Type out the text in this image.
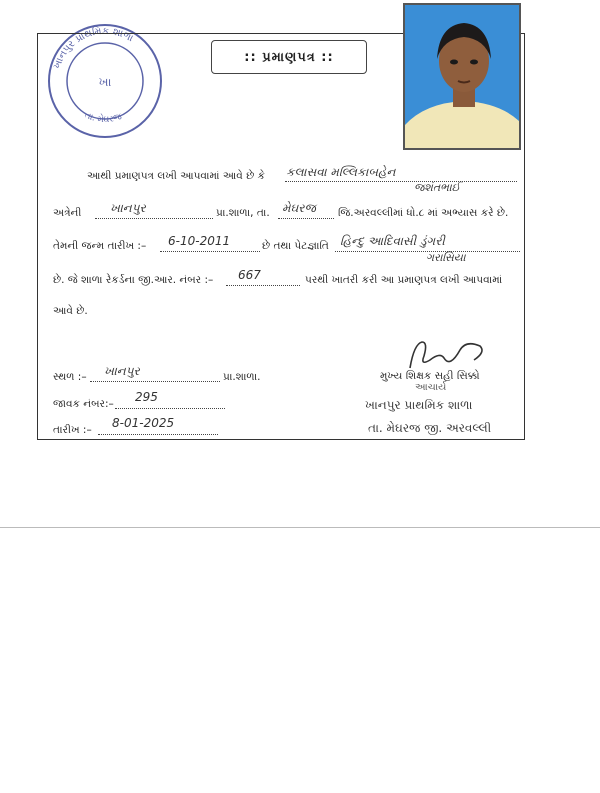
ખાનપુર પ્રાથમિક શાળા
તા. મેઘરજ
ખા
:: પ્રમાણપત્ર ::
આથી પ્રમાણપત્ર લખી આપવામાં આવે છે કે કલાસવા મલ્લિકાબહેન
જશંતભાઈ
અત્રેની ખાનપુર	પ્રા.શાળા, તા. મેઘરજ જિ.અરવલ્લીમાં ધો.૮ માં અભ્યાસ કરે છે.
તેમની જન્મ તારીખ :– 6-10-2011	છે તથા પેટજ્ઞાતિ હિન્દુ આદિવાસી ડુંગરી
ગરાસિયા
છે. જે શાળા રેકર્ડના જી.આર. નંબર :– 667	પરથી ખાતરી કરી આ પ્રમાણપત્ર લખી આપવામાં
આવે છે.
સ્થળ :– ખાનપુર	પ્રા.શાળા.
જાવક નંબર:– 295
તારીખ :– 8-01-2025
મુખ્ય શિક્ષક સહી સિક્કો
આચાર્ય
ખાનપુર પ્રાથમિક શાળા
તા. મેઘરજ જી. અરવલ્લી
